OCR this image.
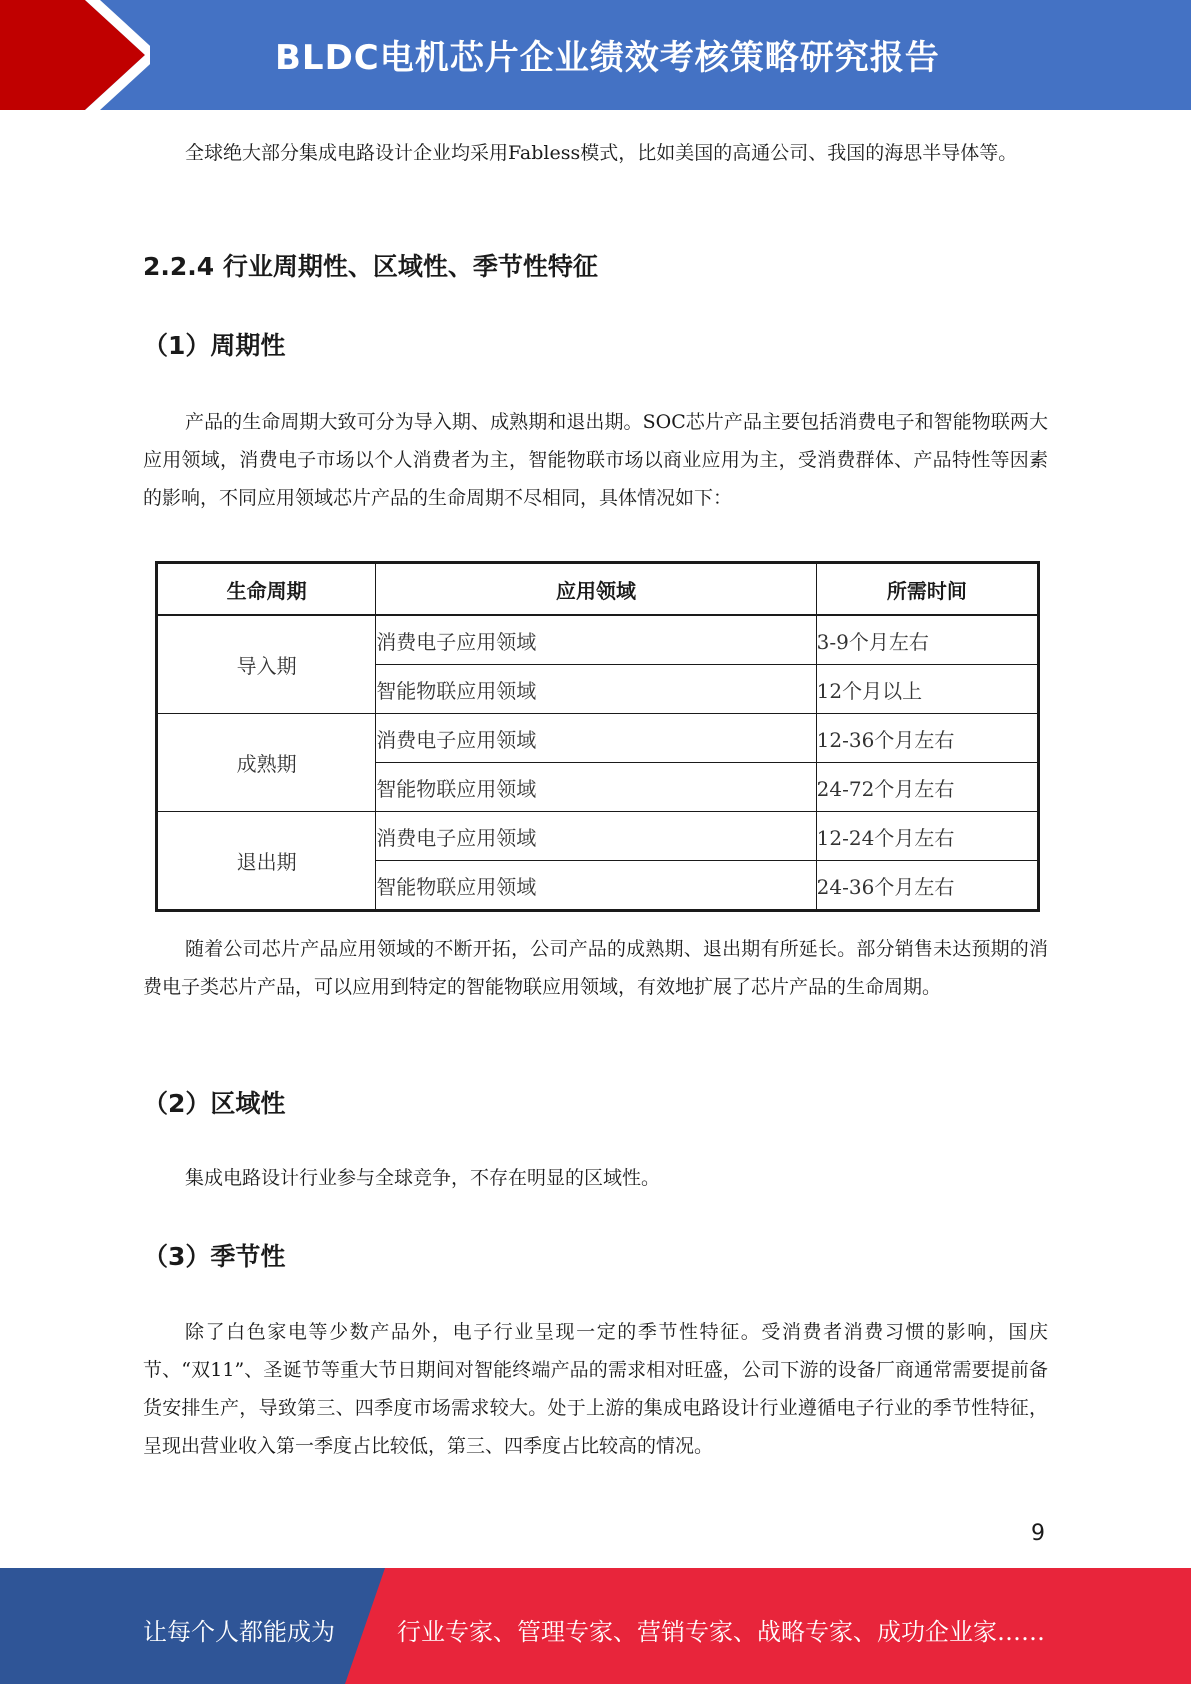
BLDC电机芯片企业绩效考核策略研究报告

全球绝大部分集成电路设计企业均采用Fabless模式，比如美国的高通公司、我国的海思半导体等。

2.2.4 行业周期性、区域性、季节性特征
（1）周期性

产品的生命周期大致可分为导入期、成熟期和退出期。SOC芯片产品主要包括消费电子和智能物联两大应用领域，消费电子市场以个人消费者为主，智能物联市场以商业应用为主，受消费群体、产品特性等因素的影响，不同应用领域芯片产品的生命周期不尽相同，具体情况如下：

生命周期	应用领域	所需时间
导入期	消费电子应用领域	3-9个月左右
	智能物联应用领域	12个月以上
成熟期	消费电子应用领域	12-36个月左右
	智能物联应用领域	24-72个月左右
退出期	消费电子应用领域	12-24个月左右
	智能物联应用领域	24-36个月左右

随着公司芯片产品应用领域的不断开拓，公司产品的成熟期、退出期有所延长。部分销售未达预期的消费电子类芯片产品，可以应用到特定的智能物联应用领域，有效地扩展了芯片产品的生命周期。

（2）区域性

集成电路设计行业参与全球竞争，不存在明显的区域性。

（3）季节性

除了白色家电等少数产品外，电子行业呈现一定的季节性特征。受消费者消费习惯的影响，国庆节、“双11”、圣诞节等重大节日期间对智能终端产品的需求相对旺盛，公司下游的设备厂商通常需要提前备货安排生产，导致第三、四季度市场需求较大。处于上游的集成电路设计行业遵循电子行业的季节性特征，呈现出营业收入第一季度占比较低，第三、四季度占比较高的情况。

9
让每个人都能成为	行业专家、管理专家、营销专家、战略专家、成功企业家……
